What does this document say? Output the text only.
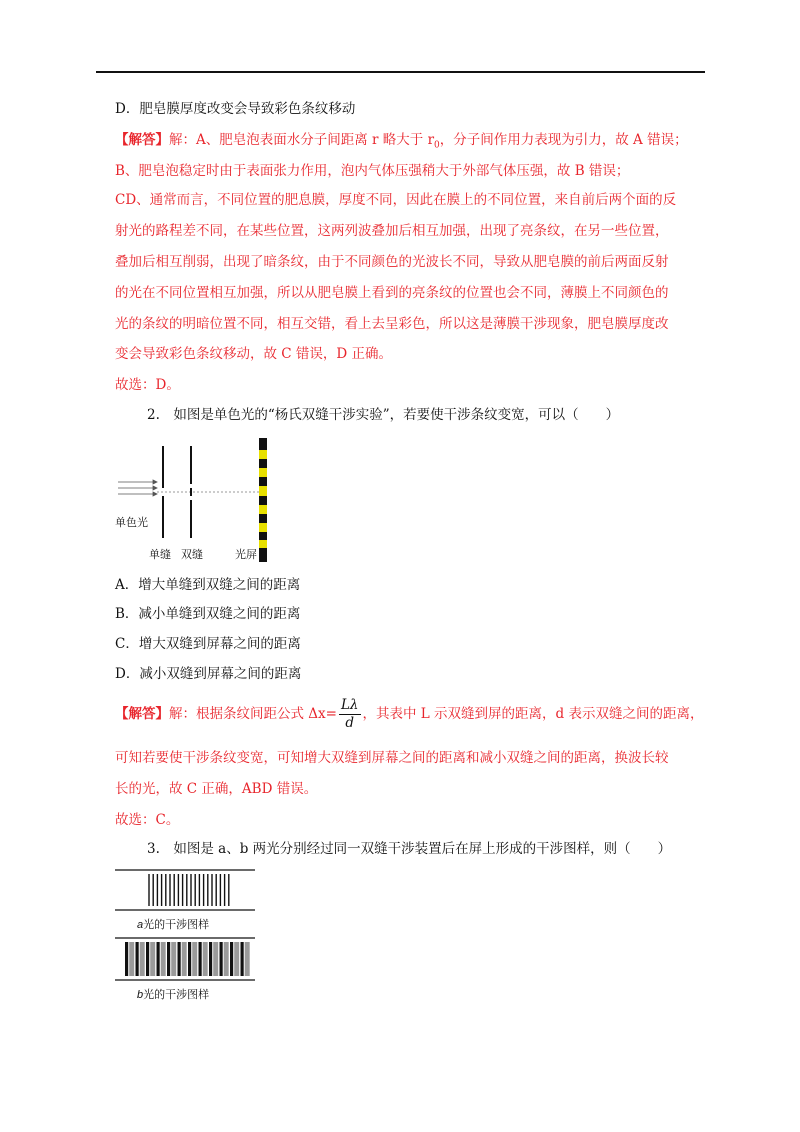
D．肥皂膜厚度改变会导致彩色条纹移动
【解答】解：A、肥皂泡表面水分子间距离 r 略大于 $r_0$，分子间作用力表现为引力，故 A 错误；
B、肥皂泡稳定时由于表面张力作用，泡内气体压强稍大于外部气体压强，故 B 错误；
CD、通常而言，不同位置的肥息膜，厚度不同，因此在膜上的不同位置，来自前后两个面的反
射光的路程差不同，在某些位置，这两列波叠加后相互加强，出现了亮条纹，在另一些位置，
叠加后相互削弱，出现了暗条纹，由于不同颜色的光波长不同，导致从肥皂膜的前后两面反射
的光在不同位置相互加强，所以从肥皂膜上看到的亮条纹的位置也会不同，薄膜上不同颜色的
光的条纹的明暗位置不同，相互交错，看上去呈彩色，所以这是薄膜干涉现象，肥皂膜厚度改
变会导致彩色条纹移动，故 C 错误，D 正确。
故选：D。
2.　如图是单色光的“杨氏双缝干涉实验”，若要使干涉条纹变宽，可以（　　）
单色光
单缝 双缝	光屏
A．增大单缝到双缝之间的距离
B．减小单缝到双缝之间的距离
C．增大双缝到屏幕之间的距离
D．减小双缝到屏幕之间的距离
【解答】解：根据条纹间距公式 $\Delta x= \frac{L\lambda}{d}$ ，其表中 L 示双缝到屏的距离，d 表示双缝之间的距离，
可知若要使干涉条纹变宽，可知增大双缝到屏幕之间的距离和减小双缝之间的距离，换波长较
长的光，故 C 正确，ABD 错误。
故选：C。
3.　如图是 a、b 两光分别经过同一双缝干涉装置后在屏上形成的干涉图样，则（　　）
a光的干涉图样
b光的干涉图样
